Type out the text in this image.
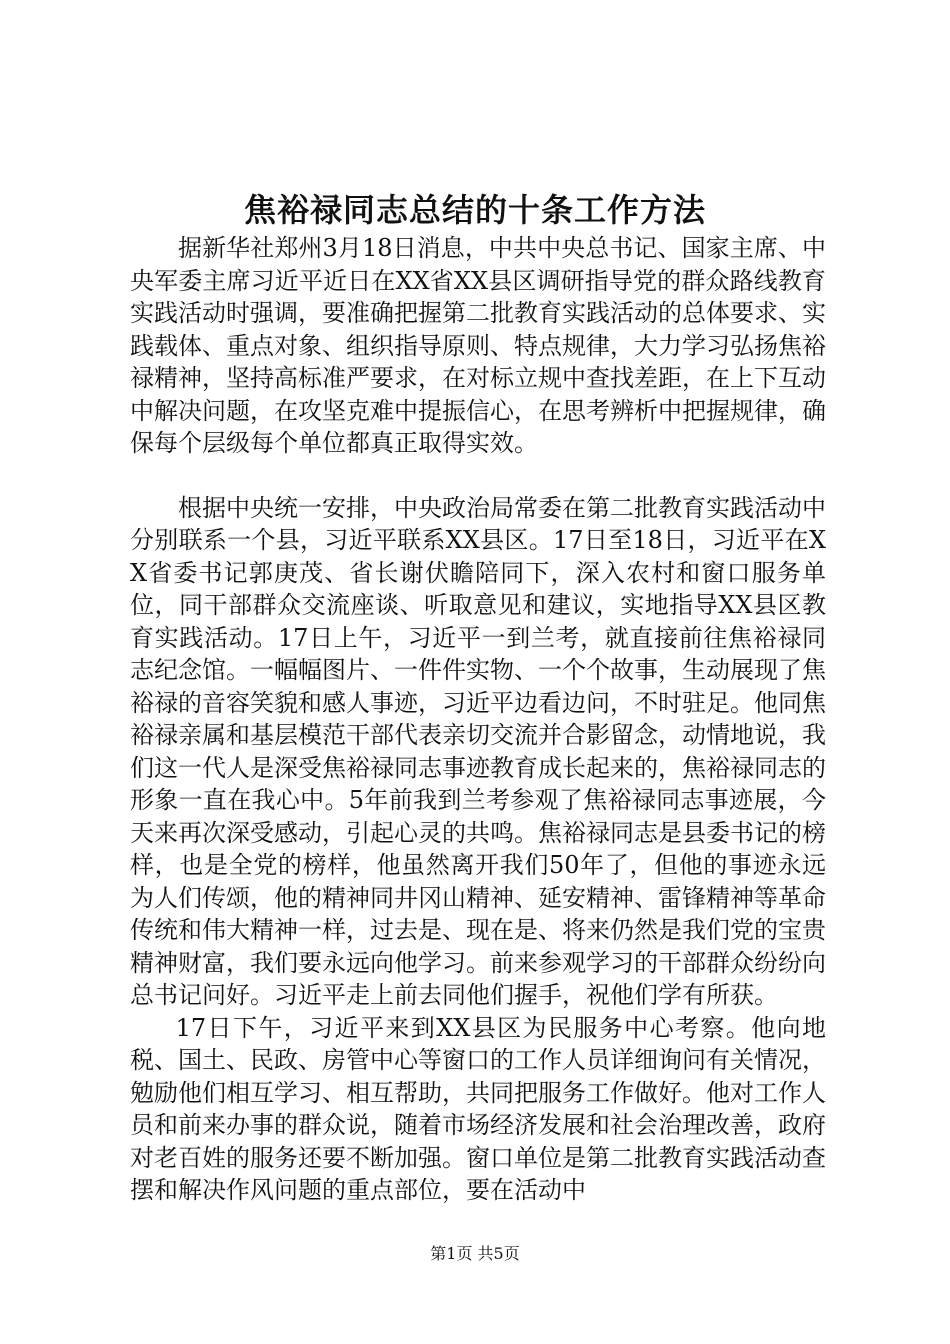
焦裕禄同志总结的十条工作方法

据新华社郑州3月18日消息，中共中央总书记、国家主席、中央军委主席习近平近日在XX省XX县区调研指导党的群众路线教育实践活动时强调，要准确把握第二批教育实践活动的总体要求、实践载体、重点对象、组织指导原则、特点规律，大力学习弘扬焦裕禄精神，坚持高标准严要求，在对标立规中查找差距，在上下互动中解决问题，在攻坚克难中提振信心，在思考辨析中把握规律，确保每个层级每个单位都真正取得实效。

根据中央统一安排，中央政治局常委在第二批教育实践活动中分别联系一个县，习近平联系XX县区。17日至18日，习近平在XX省委书记郭庚茂、省长谢伏瞻陪同下，深入农村和窗口服务单位，同干部群众交流座谈、听取意见和建议，实地指导XX县区教育实践活动。17日上午，习近平一到兰考，就直接前往焦裕禄同志纪念馆。一幅幅图片、一件件实物、一个个故事，生动展现了焦裕禄的音容笑貌和感人事迹，习近平边看边问，不时驻足。他同焦裕禄亲属和基层模范干部代表亲切交流并合影留念，动情地说，我们这一代人是深受焦裕禄同志事迹教育成长起来的，焦裕禄同志的形象一直在我心中。5年前我到兰考参观了焦裕禄同志事迹展，今天来再次深受感动，引起心灵的共鸣。焦裕禄同志是县委书记的榜样，也是全党的榜样，他虽然离开我们50年了，但他的事迹永远为人们传颂，他的精神同井冈山精神、延安精神、雷锋精神等革命传统和伟大精神一样，过去是、现在是、将来仍然是我们党的宝贵精神财富，我们要永远向他学习。前来参观学习的干部群众纷纷向总书记问好。习近平走上前去同他们握手，祝他们学有所获。

17日下午，习近平来到XX县区为民服务中心考察。他向地税、国土、民政、房管中心等窗口的工作人员详细询问有关情况，勉励他们相互学习、相互帮助，共同把服务工作做好。他对工作人员和前来办事的群众说，随着市场经济发展和社会治理改善，政府对老百姓的服务还要不断加强。窗口单位是第二批教育实践活动查摆和解决作风问题的重点部位，要在活动中

第1页 共5页
